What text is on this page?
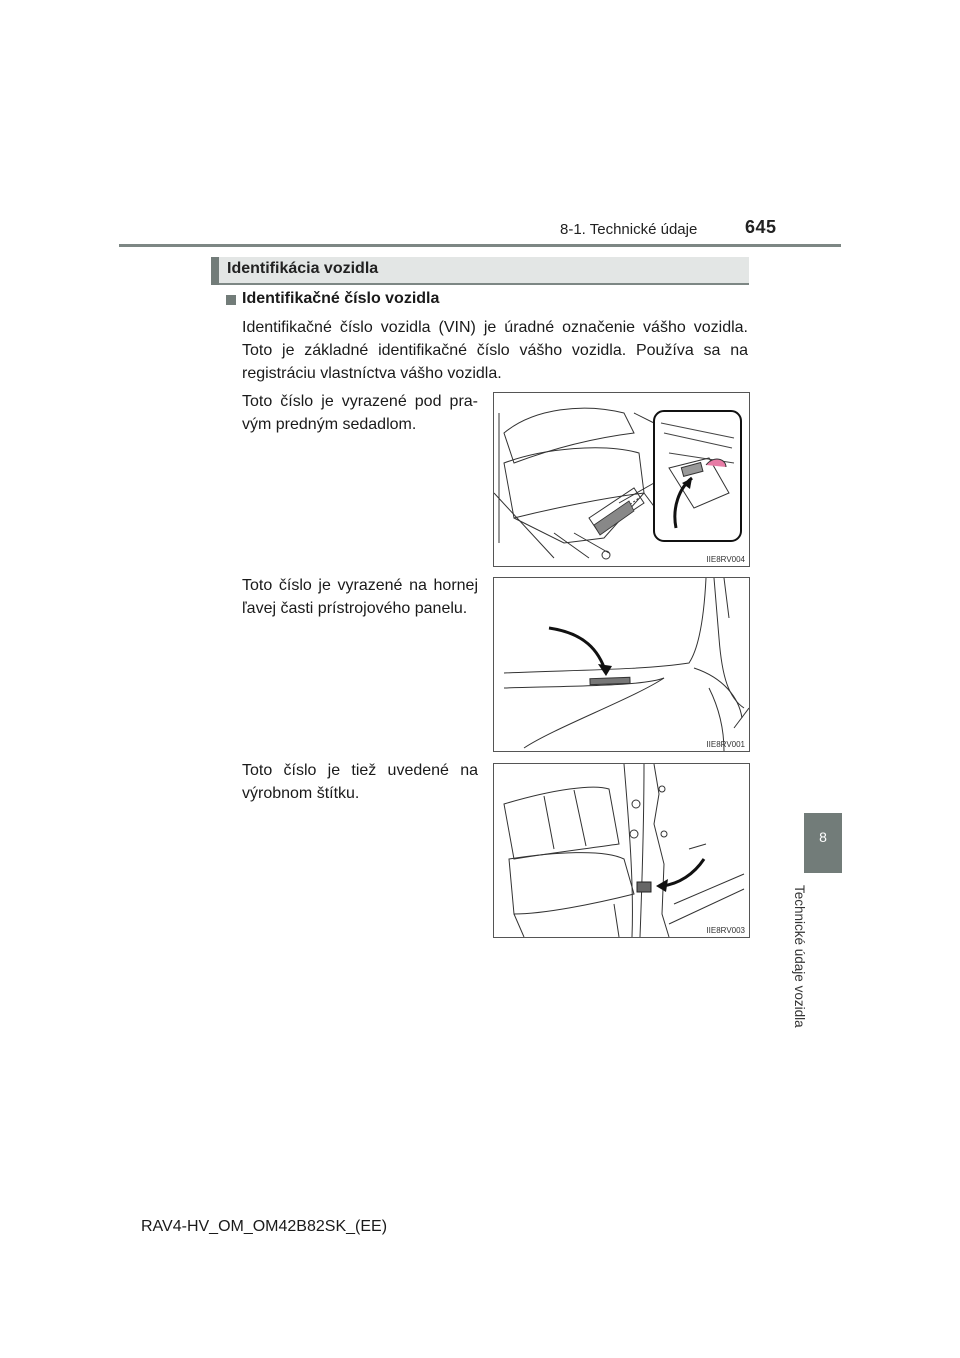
8-1. Technické údaje	645
8
Technické údaje vozidla
Identifikácia vozidla
Identifikačné číslo vozidla
Identifikačné číslo vozidla (VIN) je úradné označenie vášho vozidla. Toto je základné identifikačné číslo vášho vozidla. Používa sa na registráciu vlastníctva vášho vozidla.
Toto číslo je vyrazené pod pra-vým predným sedadlom.
IIE8RV004
Toto číslo je vyrazené na hornej ľavej časti prístrojového panelu.
IIE8RV001
Toto číslo je tiež uvedené na výrobnom štítku.
IIE8RV003
RAV4-HV_OM_OM42B82SK_(EE)
